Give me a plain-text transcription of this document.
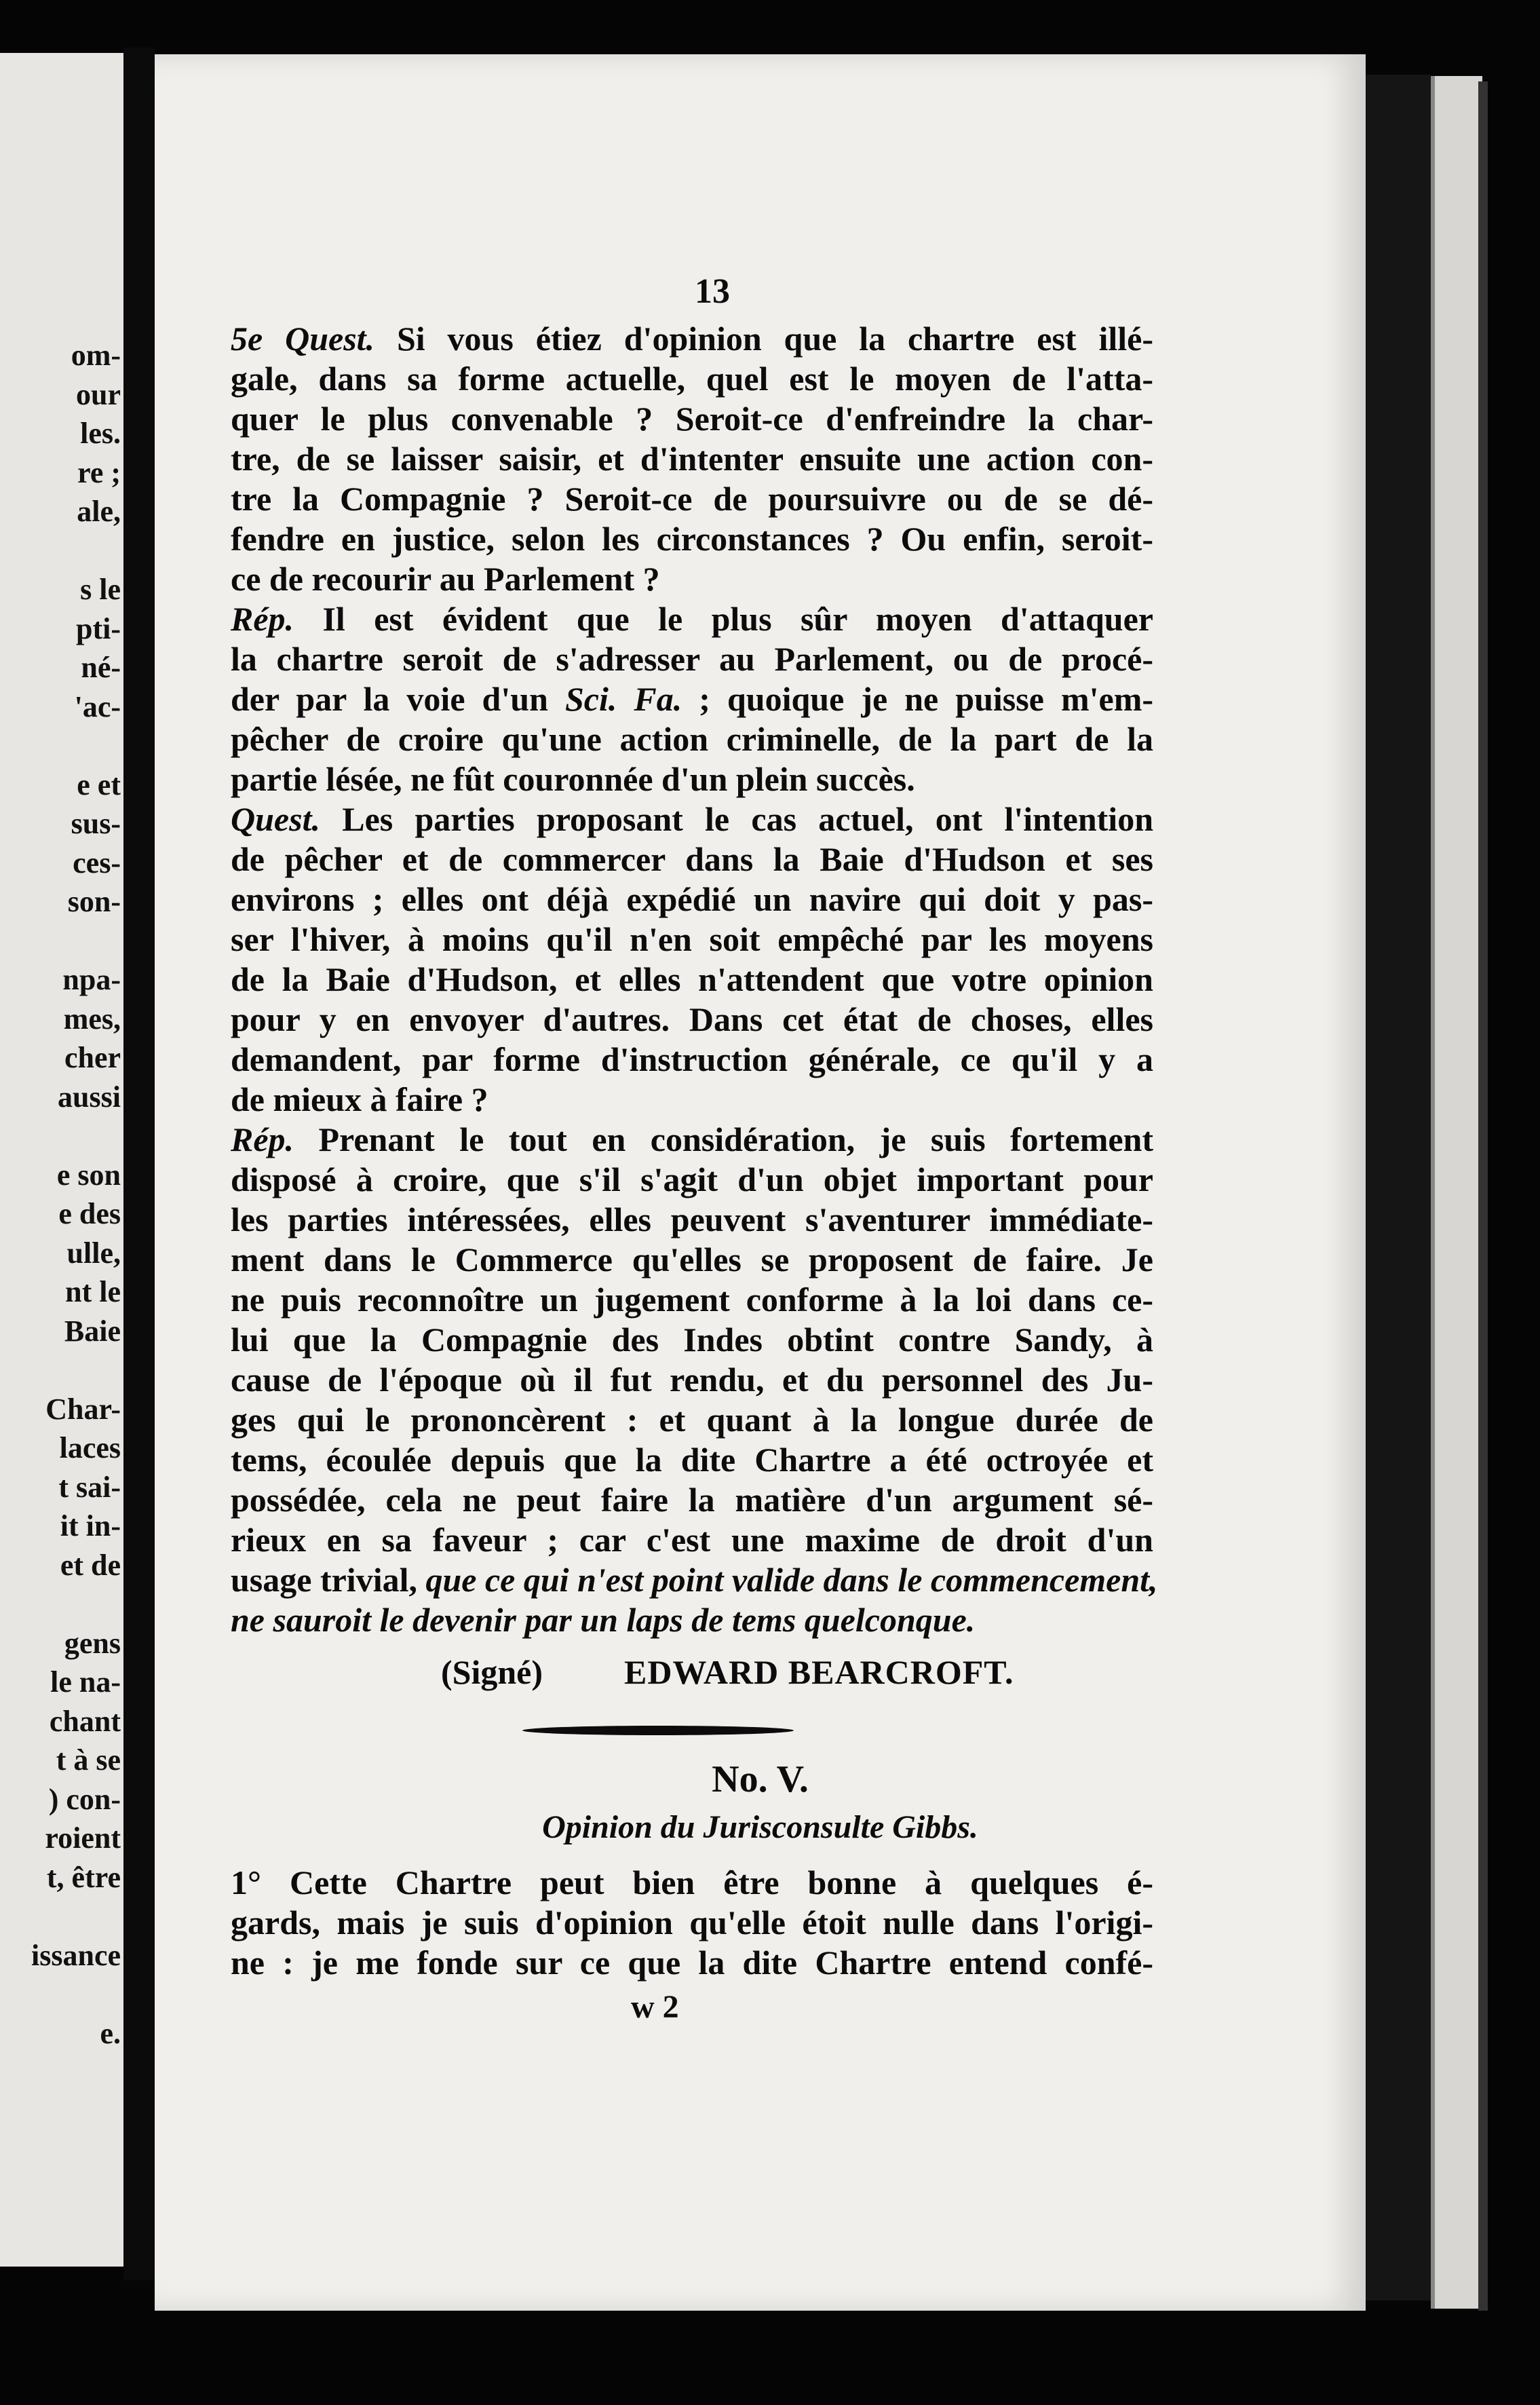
om-
our
les.
re ;
ale,
s le
pti-
né-
'ac-
e et
sus-
ces-
son-
npa-
mes,
cher
aussi
e son
e des
ulle,
nt le
Baie
Char-
laces
t sai-
it in-
et de
gens
le na-
chant
t à se
) con-
roient
t, être
issance
e.
13
5e Quest. Si vous étiez d'opinion que la chartre est illé-
gale, dans sa forme actuelle, quel est le moyen de l'atta-
quer le plus convenable ? Seroit-ce d'enfreindre la char-
tre, de se laisser saisir, et d'intenter ensuite une action con-
tre la Compagnie ? Seroit-ce de poursuivre ou de se dé-
fendre en justice, selon les circonstances ? Ou enfin, seroit-
ce de recourir au Parlement ?
Rép. Il est évident que le plus sûr moyen d'attaquer
la chartre seroit de s'adresser au Parlement, ou de procé-
der par la voie d'un Sci. Fa. ; quoique je ne puisse m'em-
pêcher de croire qu'une action criminelle, de la part de la
partie lésée, ne fût couronnée d'un plein succès.
Quest. Les parties proposant le cas actuel, ont l'intention
de pêcher et de commercer dans la Baie d'Hudson et ses
environs ; elles ont déjà expédié un navire qui doit y pas-
ser l'hiver, à moins qu'il n'en soit empêché par les moyens
de la Baie d'Hudson, et elles n'attendent que votre opinion
pour y en envoyer d'autres. Dans cet état de choses, elles
demandent, par forme d'instruction générale, ce qu'il y a
de mieux à faire ?
Rép. Prenant le tout en considération, je suis fortement
disposé à croire, que s'il s'agit d'un objet important pour
les parties intéressées, elles peuvent s'aventurer immédiate-
ment dans le Commerce qu'elles se proposent de faire. Je
ne puis reconnoître un jugement conforme à la loi dans ce-
lui que la Compagnie des Indes obtint contre Sandy, à
cause de l'époque où il fut rendu, et du personnel des Ju-
ges qui le prononcèrent : et quant à la longue durée de
tems, écoulée depuis que la dite Chartre a été octroyée et
possédée, cela ne peut faire la matière d'un argument sé-
rieux en sa faveur ; car c'est une maxime de droit d'un
usage trivial, que ce qui n'est point valide dans le commencement,
ne sauroit le devenir par un laps de tems quelconque.
(Signé) EDWARD BEARCROFT.
No. V.
Opinion du Jurisconsulte Gibbs.
1° Cette Chartre peut bien être bonne à quelques é-
gards, mais je suis d'opinion qu'elle étoit nulle dans l'origi-
ne : je me fonde sur ce que la dite Chartre entend confé-
w 2
